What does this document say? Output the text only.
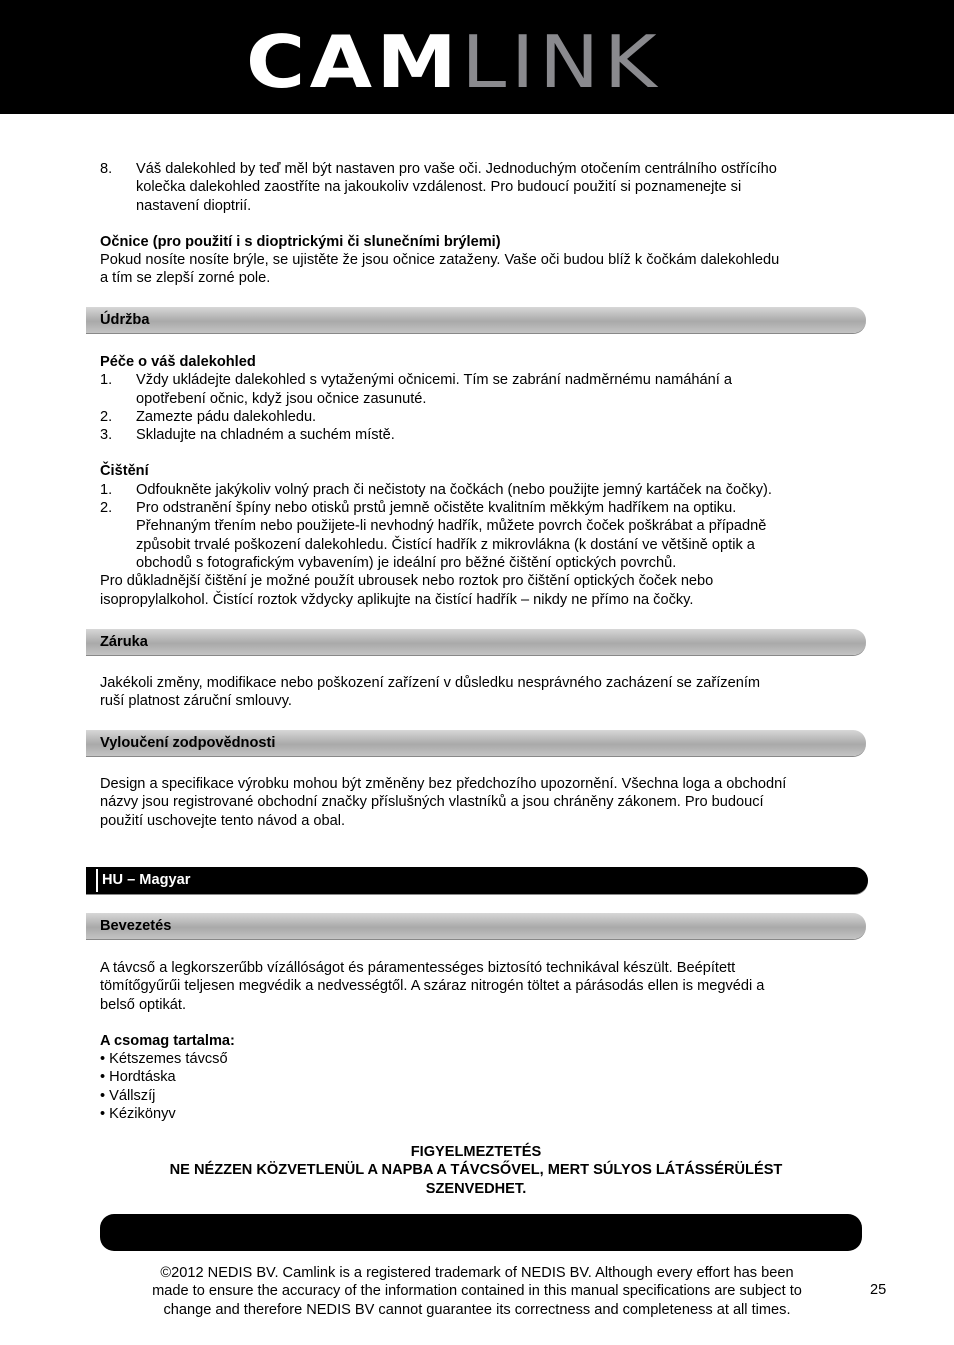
CAMLINK
8. Váš dalekohled by teď měl být nastaven pro vaše oči. Jednoduchým otočením centrálního ostřícího

kolečka dalekohled zaostříte na jakoukoliv vzdálenost. Pro budoucí použití si poznamenejte si

nastavení dioptrií.

Očnice (pro použití i s dioptrickými či slunečními brýlemi)

Pokud nosíte nosíte brýle, se ujistěte že jsou očnice zataženy. Vaše oči budou blíž k čočkám dalekohledu

a tím se zlepší zorné pole.

Údržba

Péče o váš dalekohled

1. Vždy ukládejte dalekohled s vytaženými očnicemi. Tím se zabrání nadměrnému namáhání a

opotřebení očnic, když jsou očnice zasunuté.

2. Zamezte pádu dalekohledu.

3. Skladujte na chladném a suchém místě.

Čištění

1. Odfoukněte jakýkoliv volný prach či nečistoty na čočkách (nebo použijte jemný kartáček na čočky).

2. Pro odstranění špíny nebo otisků prstů jemně očistěte kvalitním měkkým hadříkem na optiku.

Přehnaným třením nebo použijete-li nevhodný hadřík, můžete povrch čoček poškrábat a případně

způsobit trvalé poškození dalekohledu. Čistící hadřík z mikrovlákna (k dostání ve většině optik a

obchodů s fotografickým vybavením) je ideální pro běžné čištění optických povrchů.

Pro důkladnější čištění je možné použít ubrousek nebo roztok pro čištění optických čoček nebo

isopropylalkohol. Čistící roztok vždycky aplikujte na čistící hadřík – nikdy ne přímo na čočky.

Záruka

Jakékoli změny, modifikace nebo poškození zařízení v důsledku nesprávného zacházení se zařízením

ruší platnost záruční smlouvy.

Vyloučení zodpovědnosti

Design a specifikace výrobku mohou být změněny bez předchozího upozornění. Všechna loga a obchodní

názvy jsou registrované obchodní značky příslušných vlastníků a jsou chráněny zákonem. Pro budoucí

použití uschovejte tento návod a obal.

HU – Magyar
Bevezetés

A távcső a legkorszerűbb vízállóságot és páramentességes biztosító technikával készült. Beépített

tömítőgyűrűi teljesen megvédik a nedvességtől. A száraz nitrogén töltet a párásodás ellen is megvédi a

belső optikát.

A csomag tartalma:

• Kétszemes távcső

• Hordtáska

• Vállszíj

• Kézikönyv

FIGYELMEZTETÉS

NE NÉZZEN KÖZVETLENÜL A NAPBA A TÁVCSŐVEL, MERT SÚLYOS LÁTÁSSÉRÜLÉST

SZENVEDHET.

©2012 NEDIS BV. Camlink is a registered trademark of NEDIS BV. Although every effort has been

made to ensure the accuracy of the information contained in this manual specifications are subject to

change and therefore NEDIS BV cannot guarantee its correctness and completeness at all times.

25
